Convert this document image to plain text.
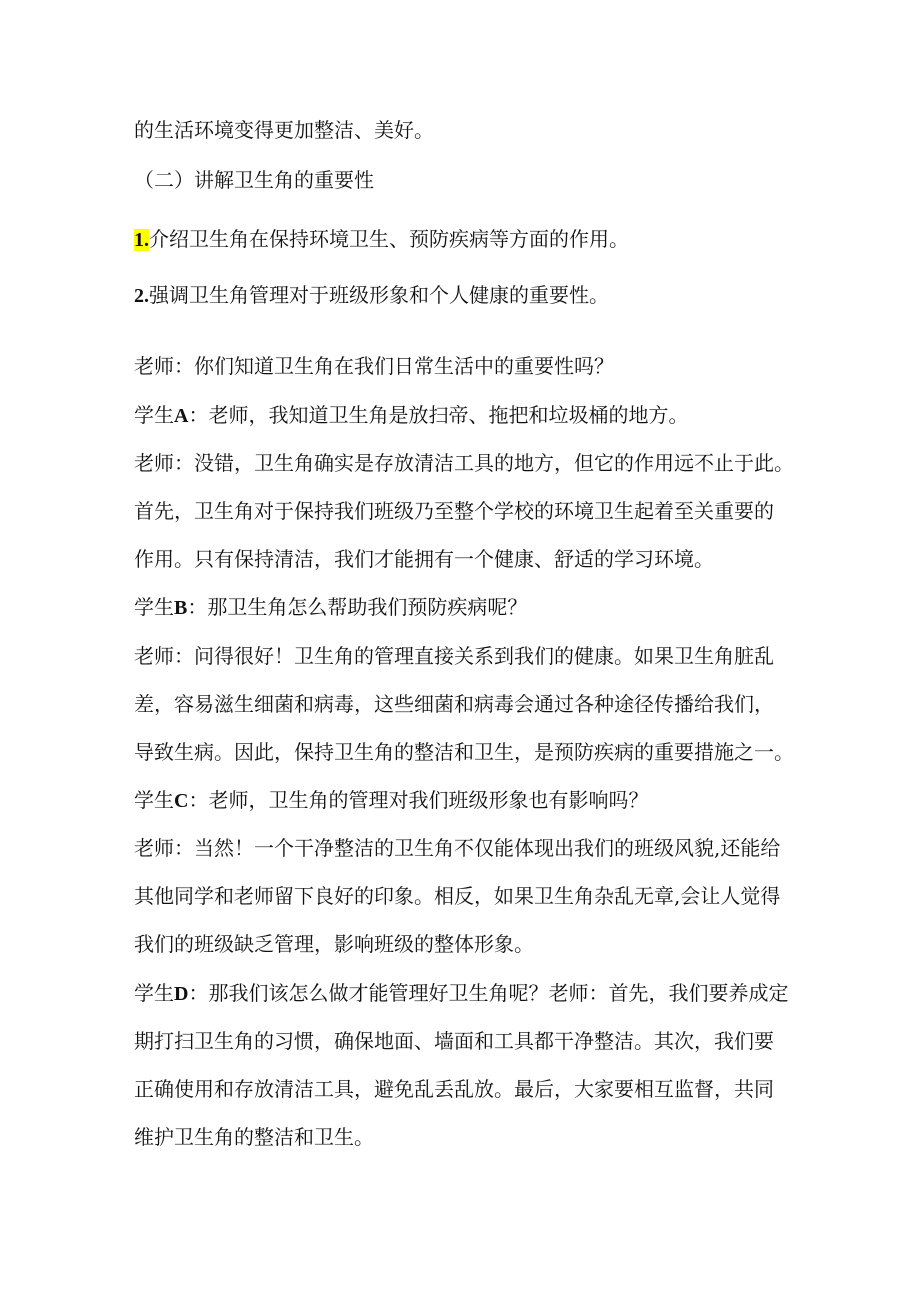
的生活环境变得更加整洁、美好。
（二）讲解卫生角的重要性
1.介绍卫生角在保持环境卫生、预防疾病等方面的作用。
2.强调卫生角管理对于班级形象和个人健康的重要性。
老师：你们知道卫生角在我们日常生活中的重要性吗？
学生A：老师，我知道卫生角是放扫帝、拖把和垃圾桶的地方。
老师：没错，卫生角确实是存放清洁工具的地方，但它的作用远不止于此。
首先，卫生角对于保持我们班级乃至整个学校的环境卫生起着至关重要的
作用。只有保持清洁，我们才能拥有一个健康、舒适的学习环境。
学生B：那卫生角怎么帮助我们预防疾病呢？
老师：问得很好！卫生角的管理直接关系到我们的健康。如果卫生角脏乱
差，容易滋生细菌和病毒，这些细菌和病毒会通过各种途径传播给我们，
导致生病。因此，保持卫生角的整洁和卫生，是预防疾病的重要措施之一。
学生C：老师，卫生角的管理对我们班级形象也有影响吗？
老师：当然！一个干净整洁的卫生角不仅能体现出我们的班级风貌,还能给
其他同学和老师留下良好的印象。相反，如果卫生角杂乱无章,会让人觉得
我们的班级缺乏管理，影响班级的整体形象。
学生D：那我们该怎么做才能管理好卫生角呢？老师：首先，我们要养成定
期打扫卫生角的习惯，确保地面、墙面和工具都干净整洁。其次，我们要
正确使用和存放清洁工具，避免乱丢乱放。最后，大家要相互监督，共同
维护卫生角的整洁和卫生。
